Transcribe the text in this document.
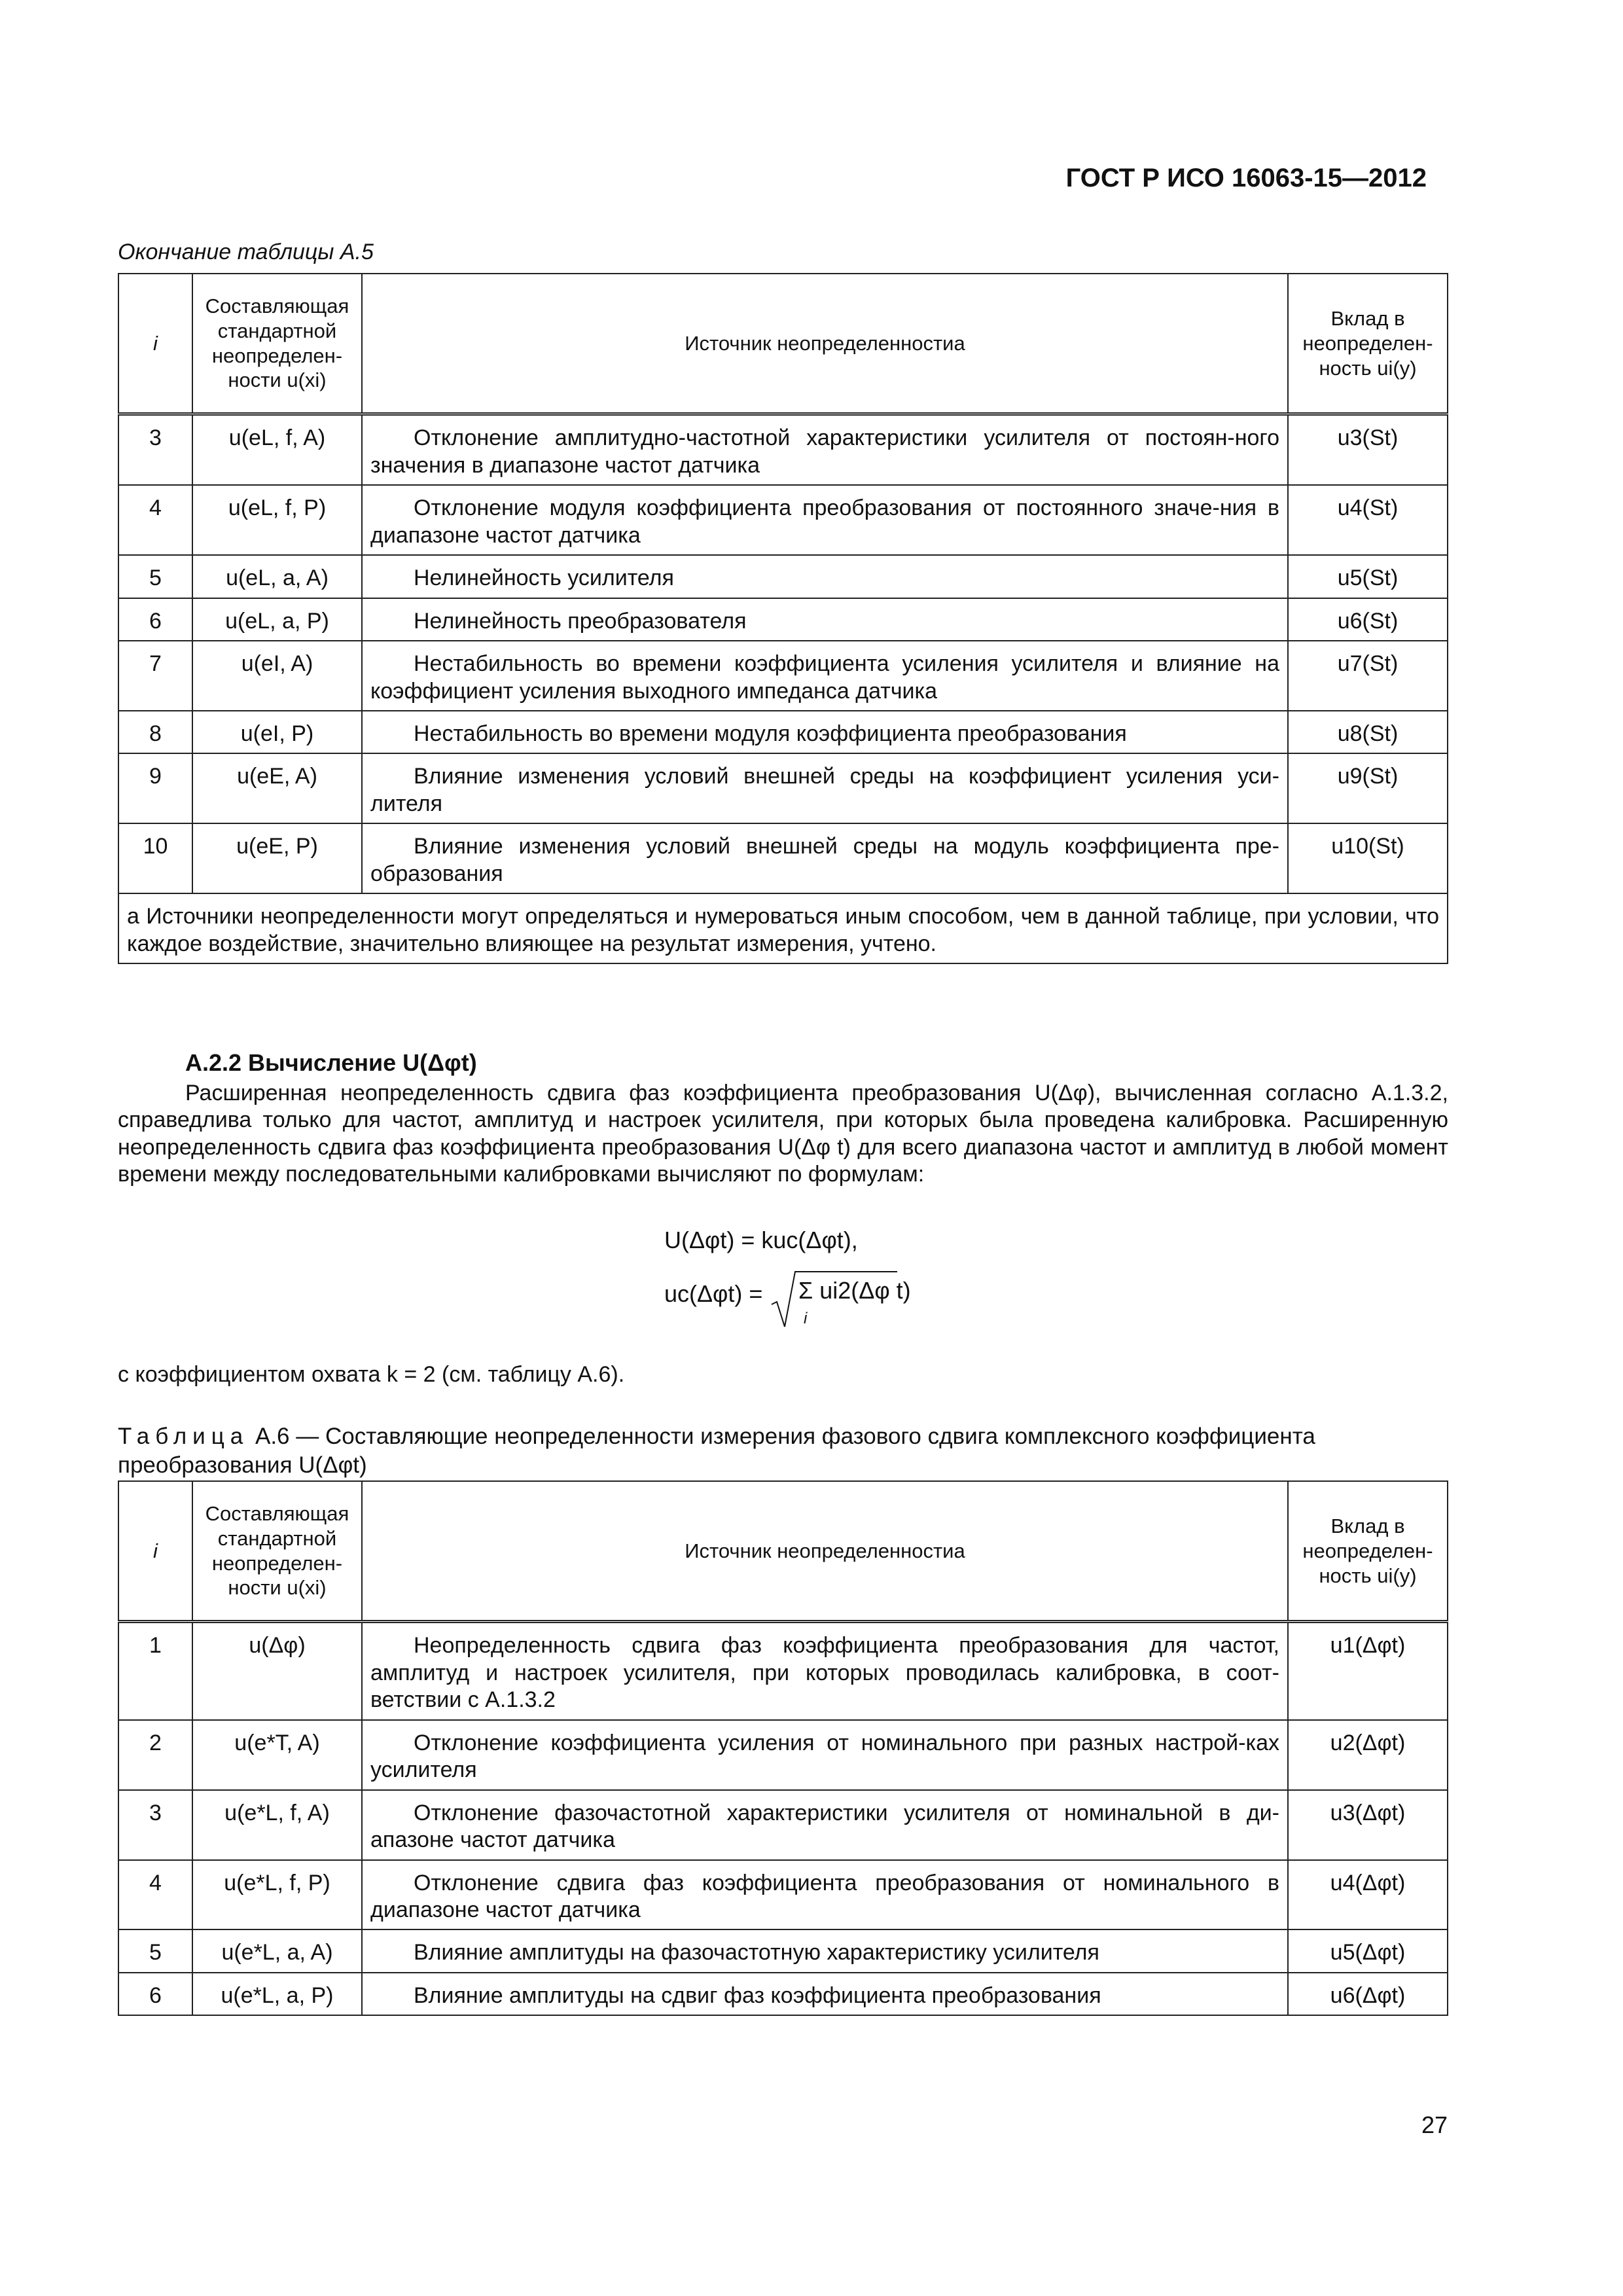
ГОСТ Р ИСО 16063-15—2012
Окончание таблицы А.5
i	Составляющая стандартной неопределен-ности u(xi)	Источник неопределенностиa	Вклад в неопределен-ность ui(y)
3	u(eL, f, A)	Отклонение амплитудно-частотной характеристики усилителя от постоян-ного значения в диапазоне частот датчика	u3(St)
4	u(eL, f, P)	Отклонение модуля коэффициента преобразования от постоянного значе-ния в диапазоне частот датчика	u4(St)
5	u(eL, a, A)	Нелинейность усилителя	u5(St)
6	u(eL, a, P)	Нелинейность преобразователя	u6(St)
7	u(eI, A)	Нестабильность во времени коэффициента усиления усилителя и влияние на коэффициент усиления выходного импеданса датчика	u7(St)
8	u(eI, P)	Нестабильность во времени модуля коэффициента преобразования	u8(St)
9	u(eE, A)	Влияние изменения условий внешней среды на коэффициент усиления уси-лителя	u9(St)
10	u(eE, P)	Влияние изменения условий внешней среды на модуль коэффициента пре-образования	u10(St)
a Источники неопределенности могут определяться и нумероваться иным способом, чем в данной таблице, при условии, что каждое воздействие, значительно влияющее на результат измерения, учтено.			
А.2.2 Вычисление U(Δφt)
Расширенная неопределенность сдвига фаз коэффициента преобразования U(Δφ), вычисленная согласно А.1.3.2, справедлива только для частот, амплитуд и настроек усилителя, при которых была проведена калибровка. Расширенную неопределенность сдвига фаз коэффициента преобразования U(Δφ t) для всего диапазона частот и амплитуд в любой момент времени между последовательными калибровками вычисляют по формулам:
U(Δφt) = kuc(Δφt),
uc(Δφt) = Σ ui2(Δφ t)
i
с коэффициентом охвата k = 2 (см. таблицу А.6).
Таблица А.6 — Составляющие неопределенности измерения фазового сдвига комплексного коэффициента преобразования U(Δφt)
i	Составляющая стандартной неопределен-ности u(xi)	Источник неопределенностиa	Вклад в неопределен-ность ui(y)
1	u(Δφ)	Неопределенность сдвига фаз коэффициента преобразования для частот, амплитуд и настроек усилителя, при которых проводилась калибровка, в соот-ветствии с А.1.3.2	u1(Δφt)
2	u(e*T, A)	Отклонение коэффициента усиления от номинального при разных настрой-ках усилителя	u2(Δφt)
3	u(e*L, f, A)	Отклонение фазочастотной характеристики усилителя от номинальной в ди-апазоне частот датчика	u3(Δφt)
4	u(e*L, f, P)	Отклонение сдвига фаз коэффициента преобразования от номинального в диапазоне частот датчика	u4(Δφt)
5	u(e*L, a, A)	Влияние амплитуды на фазочастотную характеристику усилителя	u5(Δφt)
6	u(e*L, a, P)	Влияние амплитуды на сдвиг фаз коэффициента преобразования	u6(Δφt)
27
